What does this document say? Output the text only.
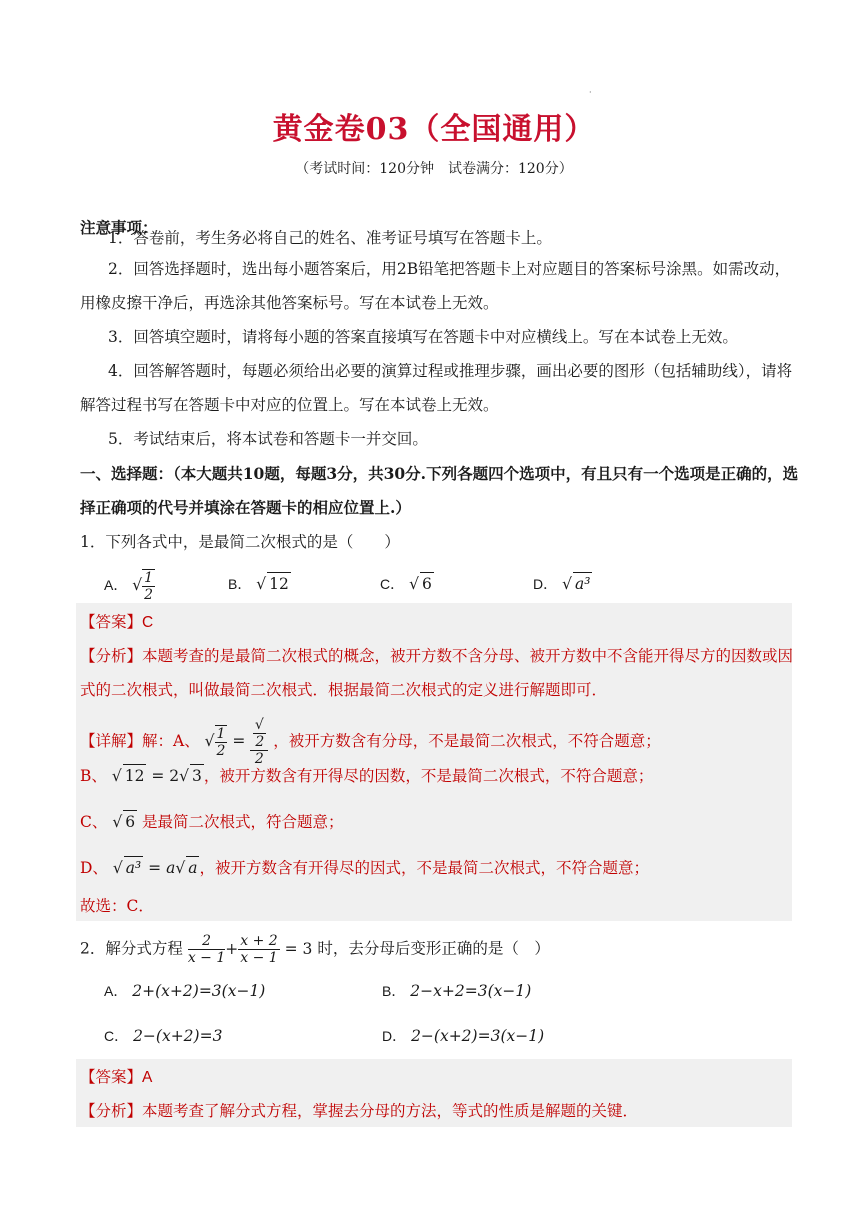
·
黄金卷03（全国通用）
（考试时间：120分钟　试卷满分：120分）
注意事项：
1．答卷前，考生务必将自己的姓名、准考证号填写在答题卡上。
2．回答选择题时，选出每小题答案后，用2B铅笔把答题卡上对应题目的答案标号涂黑。如需改动，
用橡皮擦干净后，再选涂其他答案标号。写在本试卷上无效。
3．回答填空题时，请将每小题的答案直接填写在答题卡中对应横线上。写在本试卷上无效。
4．回答解答题时，每题必须给出必要的演算过程或推理步骤，画出必要的图形（包括辅助线），请将
解答过程书写在答题卡中对应的位置上。写在本试卷上无效。
5．考试结束后，将本试卷和答题卡一并交回。
一、选择题：（本大题共10题，每题3分，共30分.下列各题四个选项中，有且只有一个选项是正确的，选
择正确项的代号并填涂在答题卡的相应位置上.）
1．下列各式中，是最简二次根式的是（　　）
A． √ $\frac{1}{2}$	B． √ 12	C． √ 6	D． √ a³
【答案】C
【分析】本题考查的是最简二次根式的概念，被开方数不含分母、被开方数中不含能开得尽方的因数或因
式的二次根式，叫做最简二次根式．根据最简二次根式的定义进行解题即可．
【详解】解：A、 √ $\frac{1}{2}$ = √
2
2 ，被开方数含有分母，不是最简二次根式，不符合题意；
B、 √ 12 = 2√ 3 ，被开方数含有开得尽的因数，不是最简二次根式，不符合题意；
C、 √ 6 是最简二次根式，符合题意；
D、 √ a³ = a√ a ，被开方数含有开得尽的因式，不是最简二次根式，不符合题意；
故选：C．
2．解分式方程 $\frac{2}{x - 1} + \frac{x + 2}{x - 1} = 3$ 时，去分母后变形正确的是（　）
A． 2+(x+2)=3(x−1)	B． 2−x+2=3(x−1)
C． 2−(x+2)=3	D． 2−(x+2)=3(x−1)
【答案】A
【分析】本题考查了解分式方程，掌握去分母的方法，等式的性质是解题的关键．
